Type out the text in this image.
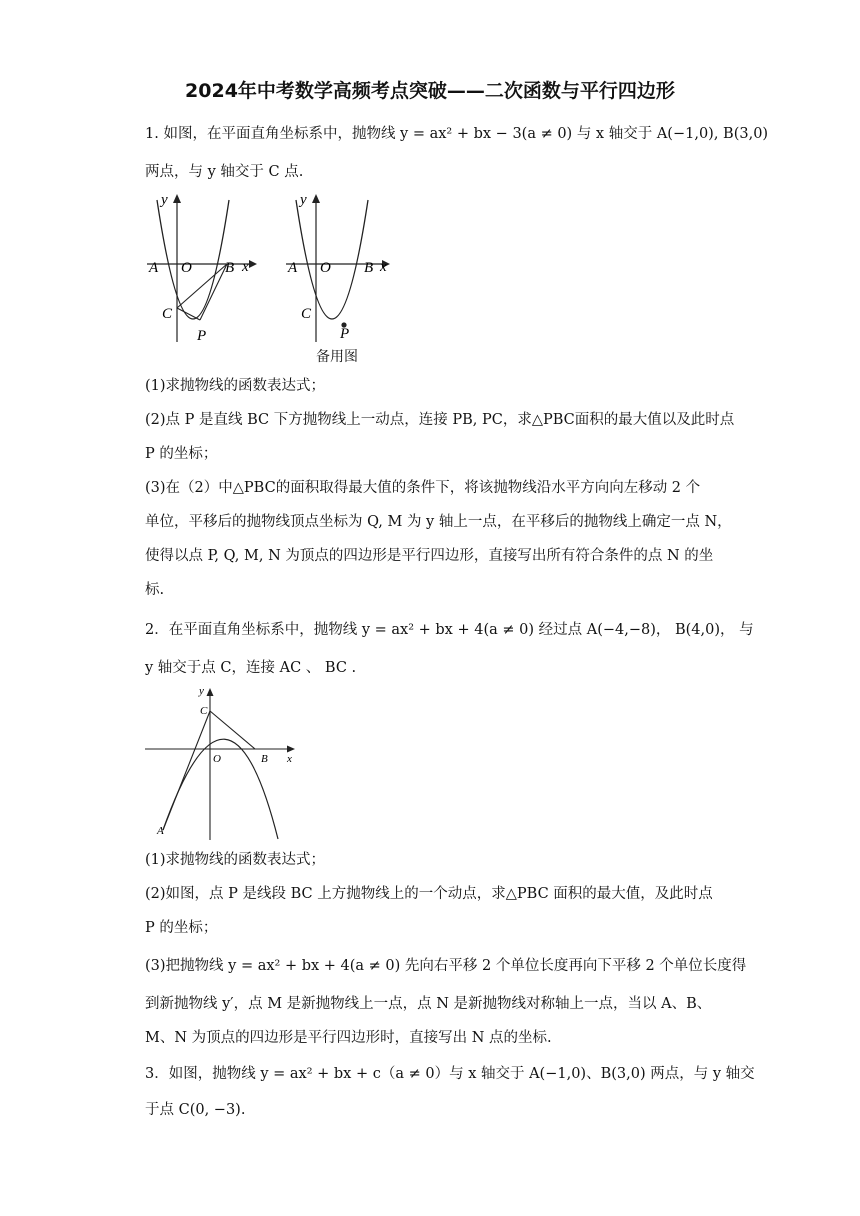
2024年中考数学高频考点突破——二次函数与平行四边形
1. 如图，在平面直角坐标系中，抛物线 y = ax² + bx − 3(a ≠ 0) 与 x 轴交于 A(−1,0), B(3,0)
两点，与 y 轴交于 C 点.
y
x
A O B
C
P
y
x
A O B
C
P
备用图
(1)求抛物线的函数表达式；
(2)点 P 是直线 BC 下方抛物线上一动点，连接 PB, PC，求△PBC面积的最大值以及此时点
P 的坐标；
(3)在（2）中△PBC的面积取得最大值的条件下，将该抛物线沿水平方向向左移动 2 个
单位，平移后的抛物线顶点坐标为 Q, M 为 y 轴上一点，在平移后的抛物线上确定一点 N，
使得以点 P, Q, M, N 为顶点的四边形是平行四边形，直接写出所有符合条件的点 N 的坐
标.
2．在平面直角坐标系中，抛物线 y = ax² + bx + 4(a ≠ 0) 经过点 A(−4,−8)， B(4,0)， 与
y 轴交于点 C，连接 AC 、 BC .
y
x
C
O	B
A
(1)求抛物线的函数表达式；
(2)如图，点 P 是线段 BC 上方抛物线上的一个动点，求△PBC 面积的最大值，及此时点
P 的坐标；
(3)把抛物线 y = ax² + bx + 4(a ≠ 0) 先向右平移 2 个单位长度再向下平移 2 个单位长度得
到新抛物线 y′，点 M 是新抛物线上一点，点 N 是新抛物线对称轴上一点，当以 A、B、
M、N 为顶点的四边形是平行四边形时，直接写出 N 点的坐标.
3．如图，抛物线 y = ax² + bx + c（a ≠ 0）与 x 轴交于 A(−1,0)、B(3,0) 两点，与 y 轴交
于点 C(0, −3).
